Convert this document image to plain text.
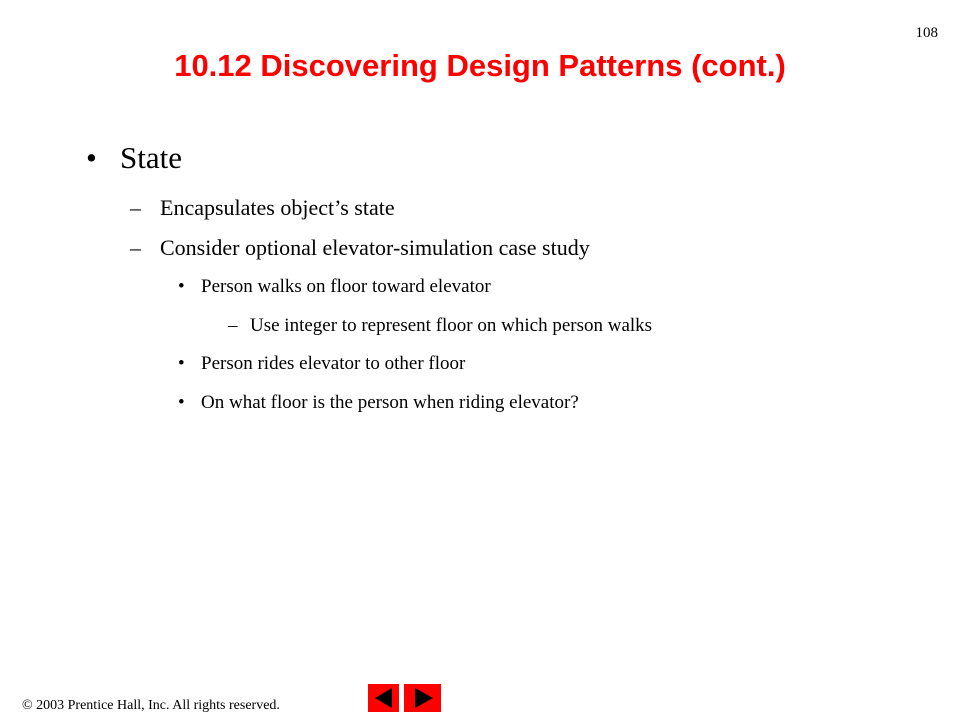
108
10.12 Discovering Design Patterns (cont.)
• State
– Encapsulates object’s state
– Consider optional elevator-simulation case study
• Person walks on floor toward elevator
– Use integer to represent floor on which person walks
• Person rides elevator to other floor
• On what floor is the person when riding elevator?
© 2003 Prentice Hall, Inc. All rights reserved.
